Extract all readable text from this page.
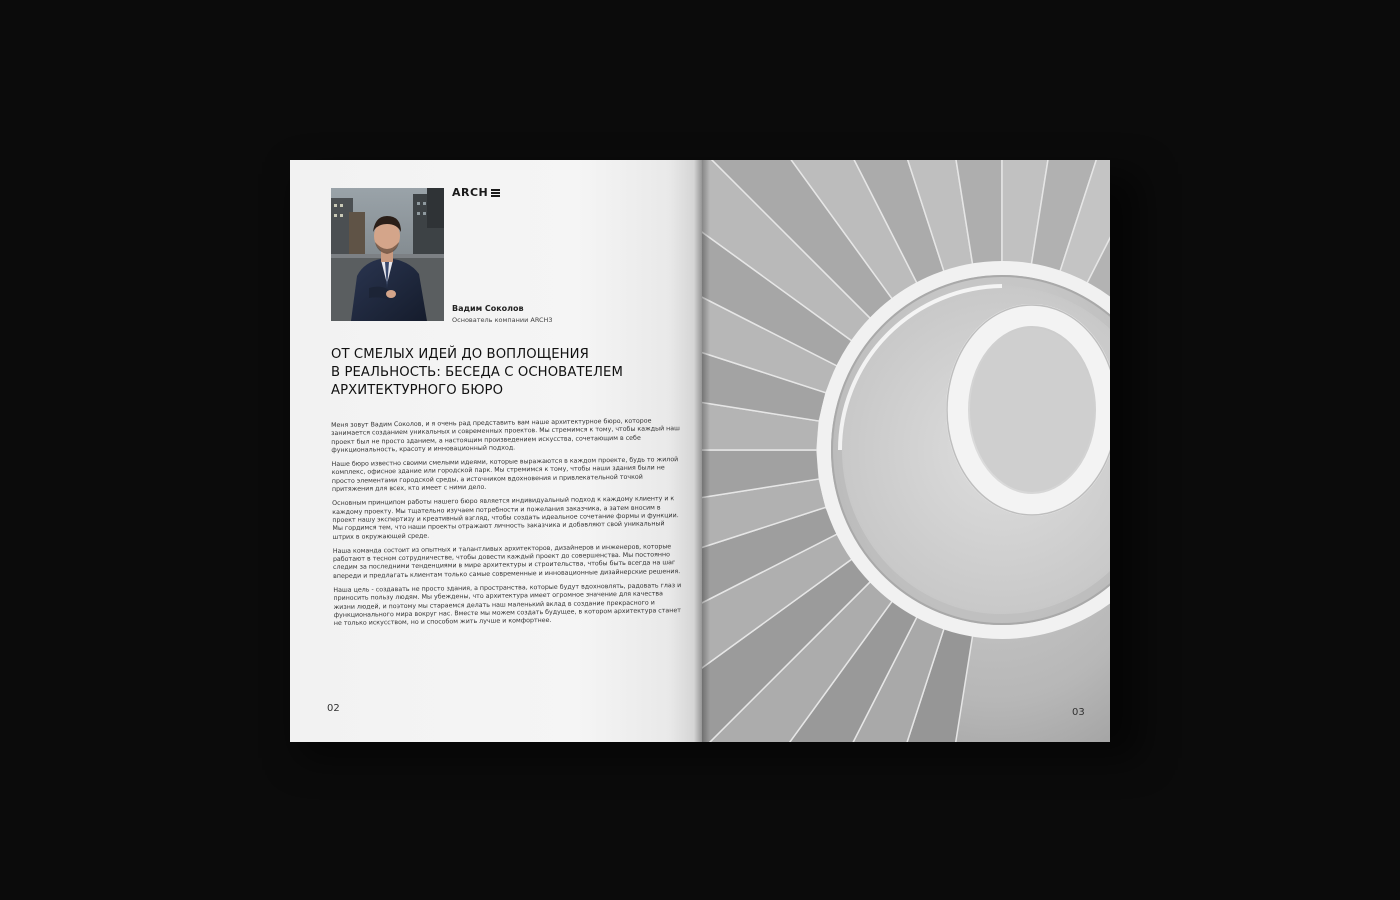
ARCH
Вадим Соколов
Основатель компании ARCH3
ОТ СМЕЛЫХ ИДЕЙ ДО ВОПЛОЩЕНИЯ
В РЕАЛЬНОСТЬ: БЕСЕДА С ОСНОВАТЕЛЕМ
АРХИТЕКТУРНОГО БЮРО

Меня зовут Вадим Соколов, и я очень рад представить вам наше архитектурное бюро, которое занимается созданием уникальных и современных проектов. Мы стремимся к тому, чтобы каждый наш проект был не просто зданием, а настоящим произведением искусства, сочетающим в себе функциональность, красоту и инновационный подход.

Наше бюро известно своими смелыми идеями, которые выражаются в каждом проекте, будь то жилой комплекс, офисное здание или городской парк. Мы стремимся к тому, чтобы наши здания были не просто элементами городской среды, а источником вдохновения и привлекательной точкой притяжения для всех, кто имеет с ними дело.

Основным принципом работы нашего бюро является индивидуальный подход к каждому клиенту и к каждому проекту. Мы тщательно изучаем потребности и пожелания заказчика, а затем вносим в проект нашу экспертизу и креативный взгляд, чтобы создать идеальное сочетание формы и функции. Мы гордимся тем, что наши проекты отражают личность заказчика и добавляют свой уникальный штрих в окружающей среде.

Наша команда состоит из опытных и талантливых архитекторов, дизайнеров и инженеров, которые работают в тесном сотрудничестве, чтобы довести каждый проект до совершенства. Мы постоянно следим за последними тенденциями в мире архитектуры и строительства, чтобы быть всегда на шаг впереди и предлагать клиентам только самые современные и инновационные дизайнерские решения.

Наша цель - создавать не просто здания, а пространства, которые будут вдохновлять, радовать глаз и приносить пользу людям. Мы убеждены, что архитектура имеет огромное значение для качества жизни людей, и поэтому мы стараемся делать наш маленький вклад в создание прекрасного и функционального мира вокруг нас. Вместе мы можем создать будущее, в котором архитектура станет не только искусством, но и способом жить лучше и комфортнее.

02	03
